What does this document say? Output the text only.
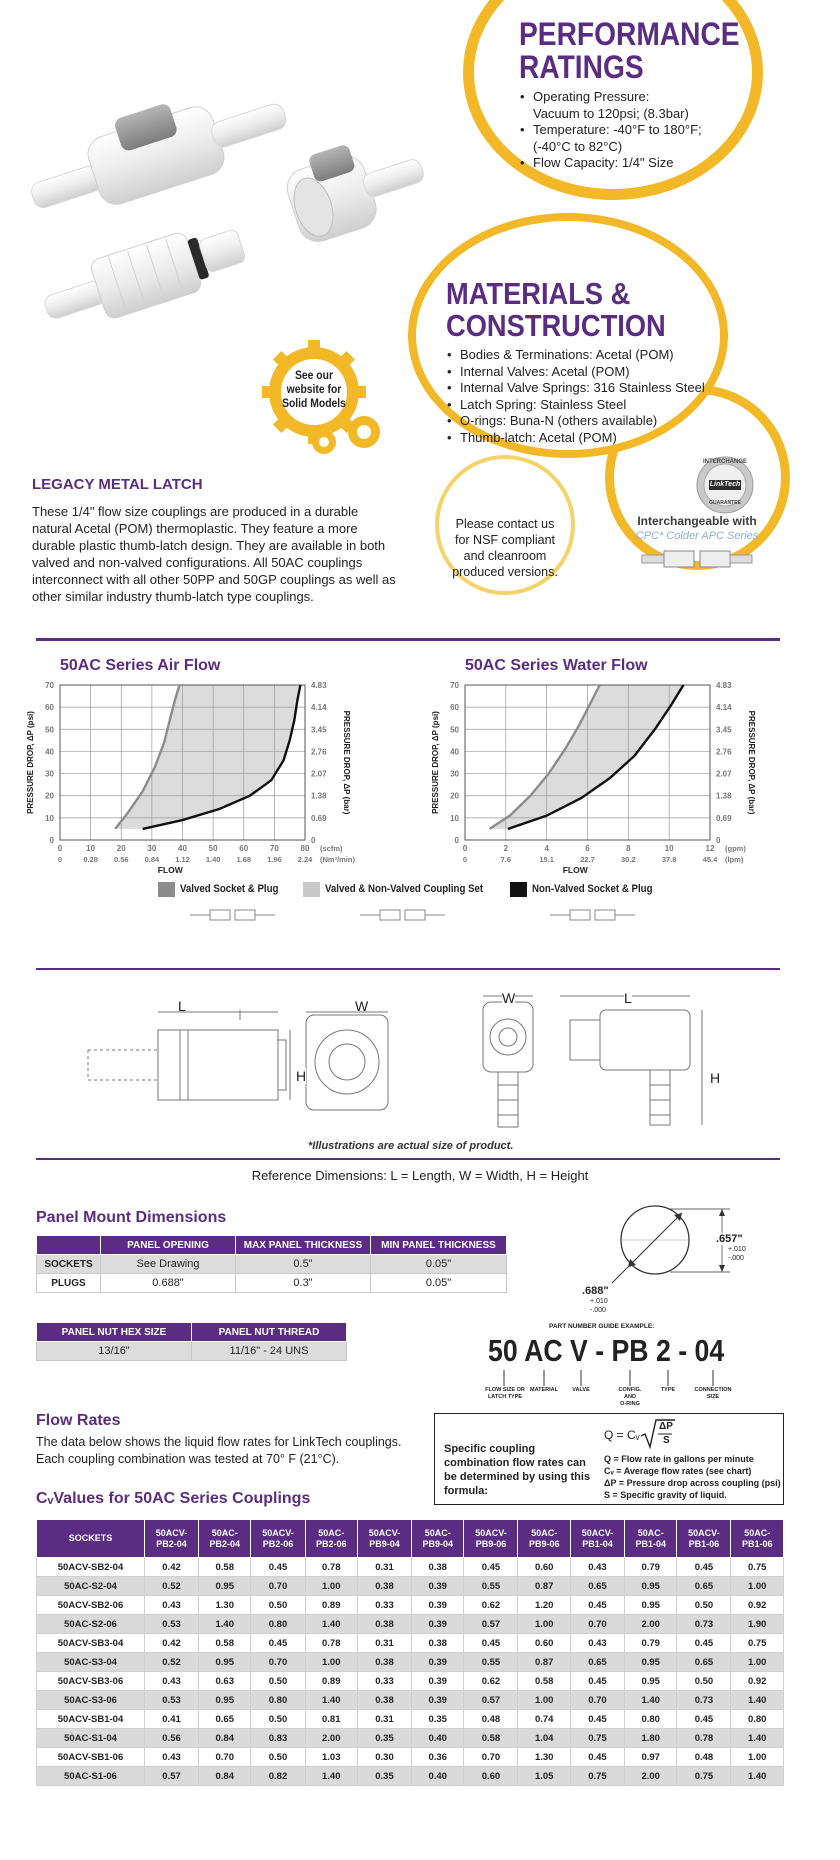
PERFORMANCE
RATINGS
• Operating Pressure:
Vacuum to 120psi; (8.3bar)
• Temperature: -40°F to 180°F;
(-40°C to 82°C)
• Flow Capacity: 1/4" Size
MATERIALS &
CONSTRUCTION
• Bodies & Terminations: Acetal (POM)
• Internal Valves: Acetal (POM)
• Internal Valve Springs: 316 Stainless Steel
• Latch Spring: Stainless Steel
• O-rings: Buna-N (others available)
• Thumb-latch: Acetal (POM)
Please contact us
for NSF compliant
and cleanroom
produced versions.
INTERCHANGE
LinkTech
GUARANTEE
Interchangeable with
CPC* Colder APC Series
See our
website for
Solid Models
LEGACY METAL LATCH
These 1/4" flow size couplings are produced in a durable natural Acetal (POM) thermoplastic. They feature a more durable plastic thumb-latch design. They are available in both valved and non-valved configurations. All 50AC couplings interconnect with all other 50PP and 50GP couplings as well as other similar industry thumb-latch type couplings.
50AC Series Air Flow	50AC Series Water Flow
0
10
20
30
40
50
60
70
0
0.69
1.38
2.07
2.76
3.45
4.14
4.83
0	10	20	30	40	50	60	70	80
0	0.28 0.56 0.84 1.12 1.40 1.68 1.96 2.24
(scfm)
(Nm³/min)
FLOW
PRESSURE DROP, ΔP (psi)	PRESSURE DROP, ΔP (bar)
0
10
20
30
40
50
60
70
0
0.69
1.38
2.07
2.76
3.45
4.14
4.83
0	2	4	6	8	10	12
0	7.6	15.1	22.7	30.2	37.8	45.4
(gpm)
(lpm)
FLOW
PRESSURE DROP, ΔP (psi)	PRESSURE DROP, ΔP (bar)
Valved Socket & Plug	Valved & Non-Valved Coupling Set	Non-Valved Socket & Plug
L	W
H
W	L
H
*Illustrations are actual size of product.
Reference Dimensions: L = Length, W = Width, H = Height
Panel Mount Dimensions
	PANEL OPENING	MAX PANEL THICKNESS	MIN PANEL THICKNESS
SOCKETS	See Drawing	0.5"	0.05"
PLUGS	0.688"	0.3"	0.05"
PANEL NUT HEX SIZE	PANEL NUT THREAD
13/16"	11/16" - 24 UNS
.657"
+.010
-.000
.688"
+.010
-.000
PART NUMBER GUIDE EXAMPLE:
50 AC V - PB 2 - 04
FLOW SIZE OR
LATCH TYPE
MATERIAL	VALVE	CONFIG.
AND
O-RING
TYPE	CONNECTION
SIZE
Flow Rates
The data below shows the liquid flow rates for LinkTech couplings. Each coupling combination was tested at 70° F (21°C).
Specific coupling combination flow rates can be determined by using this formula:
Q = Cᵥ
ΔP
S
Q = Flow rate in gallons per minute
Cᵥ = Average flow rates (see chart)
ΔP = Pressure drop across coupling (psi)
S = Specific gravity of liquid.
CᵥValues for 50AC Series Couplings
SOCKETS	50ACV-
PB2-04	50AC-
PB2-04	50ACV-
PB2-06	50AC-
PB2-06	50ACV-
PB9-04	50AC-
PB9-04	50ACV-
PB9-06	50AC-
PB9-06	50ACV-
PB1-04	50AC-
PB1-04	50ACV-
PB1-06	50AC-
PB1-06
50ACV-SB2-04	0.42	0.58	0.45	0.78	0.31	0.38	0.45	0.60	0.43	0.79	0.45	0.75
50AC-S2-04	0.52	0.95	0.70	1.00	0.38	0.39	0.55	0.87	0.65	0.95	0.65	1.00
50ACV-SB2-06	0.43	1.30	0.50	0.89	0.33	0.39	0.62	1.20	0.45	0.95	0.50	0.92
50AC-S2-06	0.53	1.40	0.80	1.40	0.38	0.39	0.57	1.00	0.70	2.00	0.73	1.90
50ACV-SB3-04	0.42	0.58	0.45	0.78	0.31	0.38	0.45	0.60	0.43	0.79	0.45	0.75
50AC-S3-04	0.52	0.95	0.70	1.00	0.38	0.39	0.55	0.87	0.65	0.95	0.65	1.00
50ACV-SB3-06	0.43	0.63	0.50	0.89	0.33	0.39	0.62	0.58	0.45	0.95	0.50	0.92
50AC-S3-06	0.53	0.95	0.80	1.40	0.38	0.39	0.57	1.00	0.70	1.40	0.73	1.40
50ACV-SB1-04	0.41	0.65	0.50	0.81	0.31	0.35	0.48	0.74	0.45	0.80	0.45	0.80
50AC-S1-04	0.56	0.84	0.83	2.00	0.35	0.40	0.58	1.04	0.75	1.80	0.78	1.40
50ACV-SB1-06	0.43	0.70	0.50	1.03	0.30	0.36	0.70	1.30	0.45	0.97	0.48	1.00
50AC-S1-06	0.57	0.84	0.82	1.40	0.35	0.40	0.60	1.05	0.75	2.00	0.75	1.40
